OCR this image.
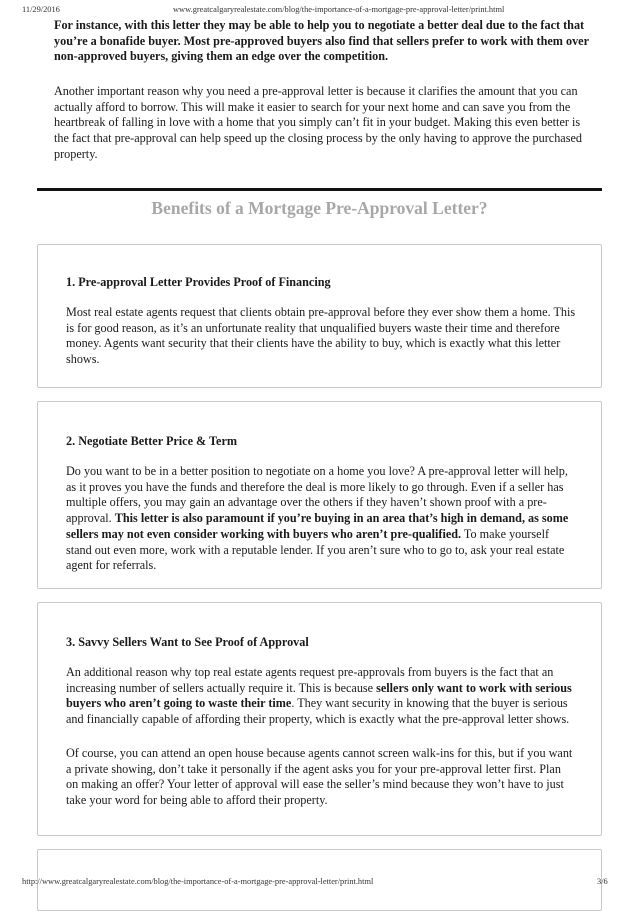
11/29/2016	www.greatcalgaryrealestate.com/blog/the-importance-of-a-mortgage-pre-approval-letter/print.html

For instance, with this letter they may be able to help you to negotiate a better deal due to the fact that you’re a bonafide buyer. Most pre-approved buyers also find that sellers prefer to work with them over non-approved buyers, giving them an edge over the competition.

Another important reason why you need a pre-approval letter is because it clarifies the amount that you can actually afford to borrow. This will make it easier to search for your next home and can save you from the heartbreak of falling in love with a home that you simply can’t fit in your budget. Making this even better is the fact that pre-approval can help speed up the closing process by the only having to approve the purchased property.

Benefits of a Mortgage Pre-Approval Letter?
1. Pre-approval Letter Provides Proof of Financing

Most real estate agents request that clients obtain pre-approval before they ever show them a home. This is for good reason, as it’s an unfortunate reality that unqualified buyers waste their time and therefore money. Agents want security that their clients have the ability to buy, which is exactly what this letter shows.

2. Negotiate Better Price & Term

Do you want to be in a better position to negotiate on a home you love? A pre-approval letter will help, as it proves you have the funds and therefore the deal is more likely to go through. Even if a seller has multiple offers, you may gain an advantage over the others if they haven’t shown proof with a pre-approval. This letter is also paramount if you’re buying in an area that’s high in demand, as some sellers may not even consider working with buyers who aren’t pre-qualified. To make yourself stand out even more, work with a reputable lender. If you aren’t sure who to go to, ask your real estate agent for referrals.

3. Savvy Sellers Want to See Proof of Approval

An additional reason why top real estate agents request pre-approvals from buyers is the fact that an increasing number of sellers actually require it. This is because sellers only want to work with serious buyers who aren’t going to waste their time. They want security in knowing that the buyer is serious and financially capable of affording their property, which is exactly what the pre-approval letter shows.

Of course, you can attend an open house because agents cannot screen walk-ins for this, but if you want a private showing, don’t take it personally if the agent asks you for your pre-approval letter first. Plan on making an offer? Your letter of approval will ease the seller’s mind because they won’t have to just take your word for being able to afford their property.

http://www.greatcalgaryrealestate.com/blog/the-importance-of-a-mortgage-pre-approval-letter/print.html	3/6
